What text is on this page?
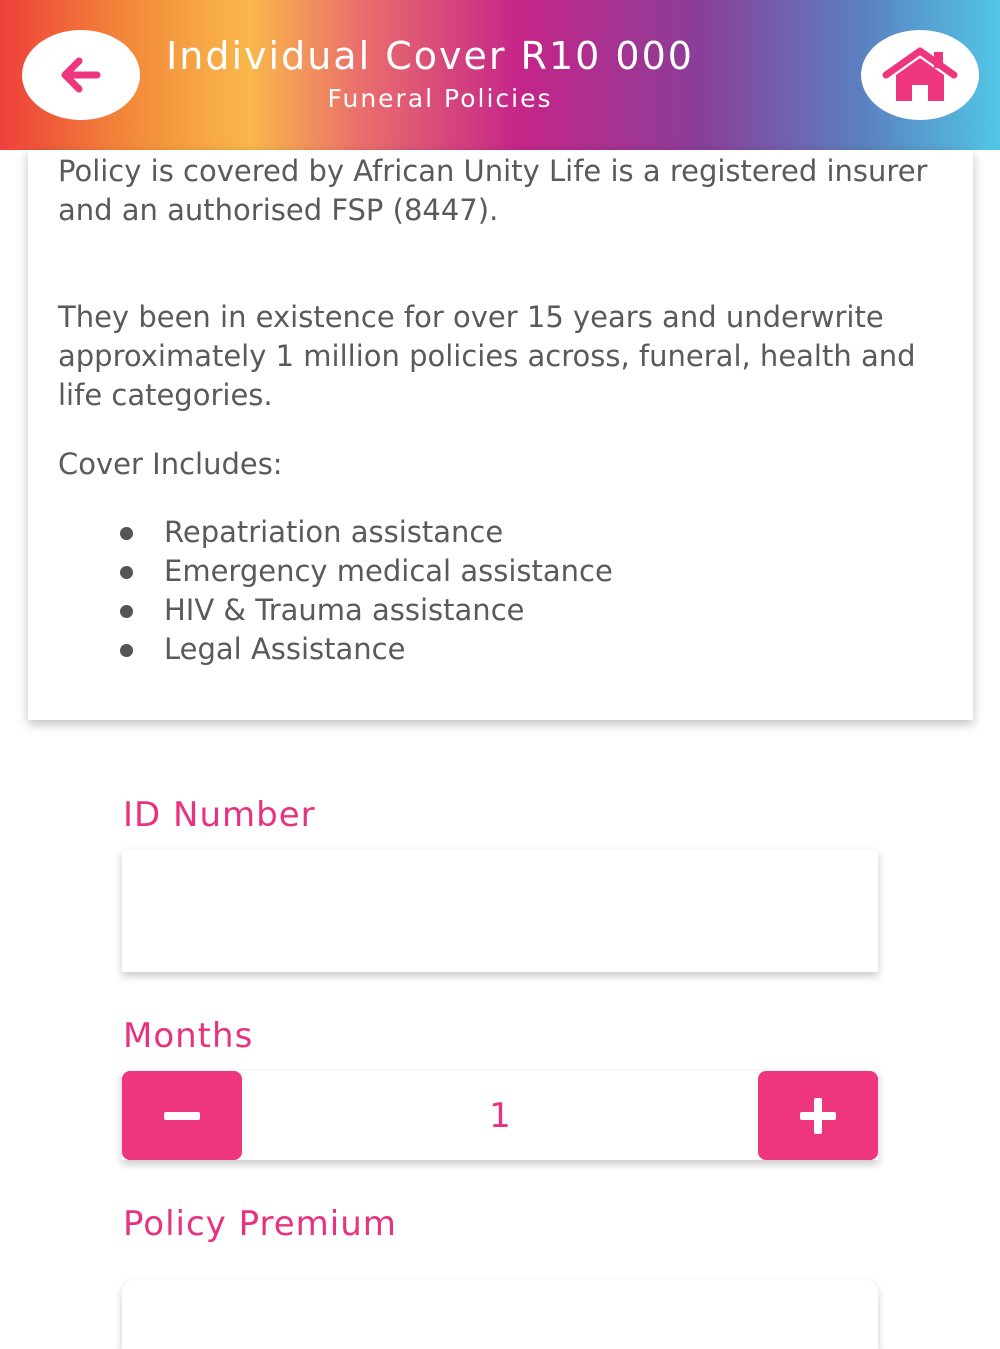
Individual Cover R10 000
Funeral Policies

Policy is covered by African Unity Life is a registered insurer and an authorised FSP (8447).

They been in existence for over 15 years and underwrite approximately 1 million policies across, funeral, health and life categories.

Cover Includes:

Repatriation assistance
Emergency medical assistance
HIV & Trauma assistance
Legal Assistance
ID Number
Months
1
Policy Premium
